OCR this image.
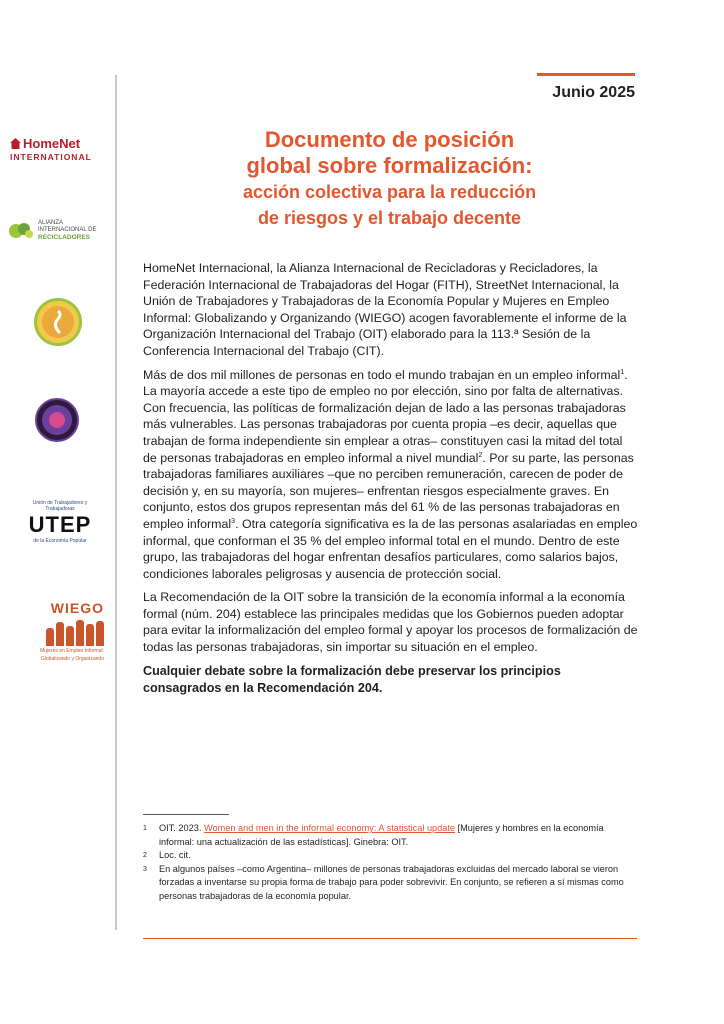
HomeNet
INTERNATIONAL
ALIANZA
INTERNACIONAL DE
RECICLADORES
Unión de Trabajadores y Trabajadoras
UTEP
de la Economía Popular
WIEGO
Mujeres en Empleo Informal:
Globalizando y Organizando
Junio 2025
Documento de posición
global sobre formalización:
acción colectiva para la reducción
de riesgos y el trabajo decente

HomeNet Internacional, la Alianza Internacional de Recicladoras y Recicladores, la Federación Internacional de Trabajadoras del Hogar (FITH), StreetNet Internacional, la Unión de Trabajadores y Trabajadoras de la Economía Popular y Mujeres en Empleo Informal: Globalizando y Organizando (WIEGO) acogen favorablemente el informe de la Organización Internacional del Trabajo (OIT) elaborado para la 113.ª Sesión de la Conferencia Internacional del Trabajo (CIT).

Más de dos mil millones de personas en todo el mundo trabajan en un empleo informal$^1$. La mayoría accede a este tipo de empleo no por elección, sino por falta de alternativas. Con frecuencia, las políticas de formalización dejan de lado a las personas trabajadoras más vulnerables. Las personas trabajadoras por cuenta propia –es decir, aquellas que trabajan de forma independiente sin emplear a otras– constituyen casi la mitad del total de personas trabajadoras en empleo informal a nivel mundial$^2$. Por su parte, las personas trabajadoras familiares auxiliares –que no perciben remuneración, carecen de poder de decisión y, en su mayoría, son mujeres– enfrentan riesgos especialmente graves. En conjunto, estos dos grupos representan más del 61 % de las personas trabajadoras en empleo informal$^3$. Otra categoría significativa es la de las personas asalariadas en empleo informal, que conforman el 35 % del empleo informal total en el mundo. Dentro de este grupo, las trabajadoras del hogar enfrentan desafíos particulares, como salarios bajos, condiciones laborales peligrosas y ausencia de protección social.

La Recomendación de la OIT sobre la transición de la economía informal a la economía formal (núm. 204) establece las principales medidas que los Gobiernos pueden adoptar para evitar la informalización del empleo formal y apoyar los procesos de formalización de todas las personas trabajadoras, sin importar su situación en el empleo.

Cualquier debate sobre la formalización debe preservar los principios consagrados en la Recomendación 204.

1	OIT. 2023. Women and men in the informal economy: A statistical update [Mujeres y hombres en la economía informal: una actualización de las estadísticas]. Ginebra: OIT.
2	Loc. cit.
3	En algunos países –como Argentina– millones de personas trabajadoras excluidas del mercado laboral se vieron forzadas a inventarse su propia forma de trabajo para poder sobrevivir. En conjunto, se refieren a sí mismas como personas trabajadoras de la economía popular.
